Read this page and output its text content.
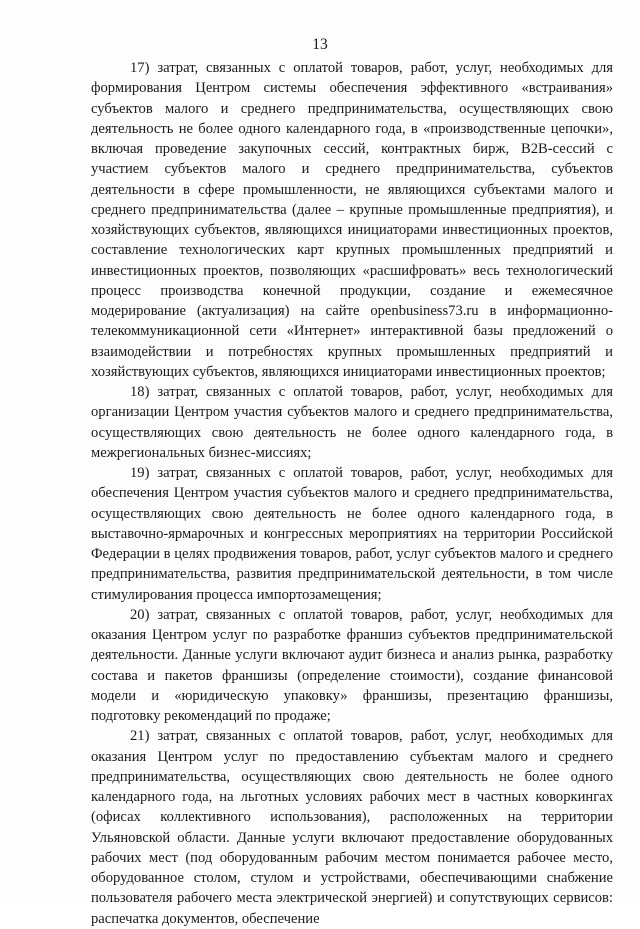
13

17) затрат, связанных с оплатой товаров, работ, услуг, необходимых для формирования Центром системы обеспечения эффективного «встраивания» субъектов малого и среднего предпринимательства, осуществляющих свою деятельность не более одного календарного года, в «производственные цепочки», включая проведение закупочных сессий, контрактных бирж, B2B-сессий с участием субъектов малого и среднего предпринимательства, субъектов деятельности в сфере промышленности, не являющихся субъектами малого и среднего предпринимательства (далее – крупные промышленные предприятия), и хозяйствующих субъектов, являющихся инициаторами инвестиционных проектов, составление технологических карт крупных промышленных предприятий и инвестиционных проектов, позволяющих «расшифровать» весь технологический процесс производства конечной продукции, создание и ежемесячное модерирование (актуализация) на сайте openbusiness73.ru в информационно-телекоммуникационной сети «Интернет» интерактивной базы предложений о взаимодействии и потребностях крупных промышленных предприятий и хозяйствующих субъектов, являющихся инициаторами инвестиционных проектов;

18) затрат, связанных с оплатой товаров, работ, услуг, необходимых для организации Центром участия субъектов малого и среднего предпринимательства, осуществляющих свою деятельность не более одного календарного года, в межрегиональных бизнес-миссиях;

19) затрат, связанных с оплатой товаров, работ, услуг, необходимых для обеспечения Центром участия субъектов малого и среднего предпринимательства, осуществляющих свою деятельность не более одного календарного года, в выставочно-ярмарочных и конгрессных мероприятиях на территории Российской Федерации в целях продвижения товаров, работ, услуг субъектов малого и среднего предпринимательства, развития предпринимательской деятельности, в том числе стимулирования процесса импортозамещения;

20) затрат, связанных с оплатой товаров, работ, услуг, необходимых для оказания Центром услуг по разработке франшиз субъектов предпринимательской деятельности. Данные услуги включают аудит бизнеса и анализ рынка, разработку состава и пакетов франшизы (определение стоимости), создание финансовой модели и «юридическую упаковку» франшизы, презентацию франшизы, подготовку рекомендаций по продаже;

21) затрат, связанных с оплатой товаров, работ, услуг, необходимых для оказания Центром услуг по предоставлению субъектам малого и среднего предпринимательства, осуществляющих свою деятельность не более одного календарного года, на льготных условиях рабочих мест в частных коворкингах (офисах коллективного использования), расположенных на территории Ульяновской области. Данные услуги включают предоставление оборудованных рабочих мест (под оборудованным рабочим местом понимается рабочее место, оборудованное столом, стулом и устройствами, обеспечивающими снабжение пользователя рабочего места электрической энергией) и сопутствующих сервисов: распечатка документов, обеспечение
